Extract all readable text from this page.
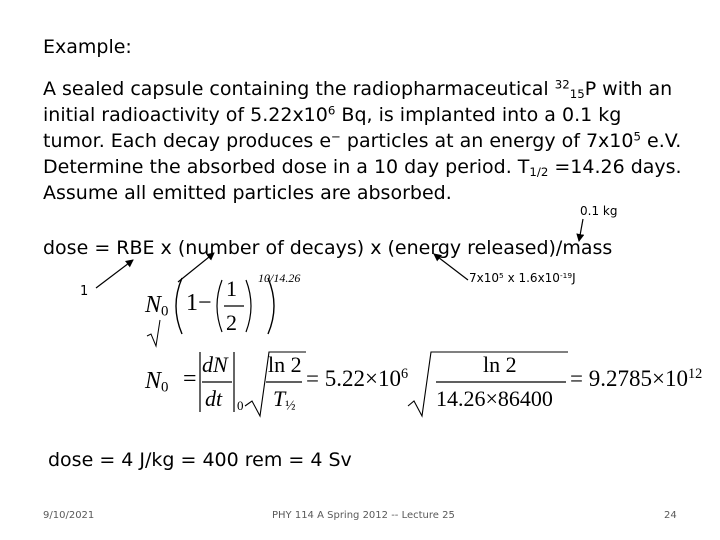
Example:
A sealed capsule containing the radiopharmaceutical $^{32}_{15}$P with an
initial radioactivity of $5.22x10^6$ Bq, is implanted into a 0.1 kg
tumor. Each decay produces e− particles at an energy of $7x10^5$ e.V.
Determine the absorbed dose in a 10 day period. $T_{1/2} =14.26$ days.
Assume all emitted particles are absorbed.
0.1 kg
dose = RBE x (number of decays) x (energy released)/mass
1
$7x10^5$ x $1.6x10^{-19}J$
$N_0$ 1−
1
2
10/14.26
$N_0$ =
dN
dt 0
ln 2
$T_{\frac{1}{2}}$
= $5.22\times 10^6$	ln 2
14.26×86400
= $9.2785\times 10^{12}$
dose = 4 J/kg = 400 rem = 4 Sv
9/10/2021	PHY 114 A Spring 2012 -- Lecture 25	24
